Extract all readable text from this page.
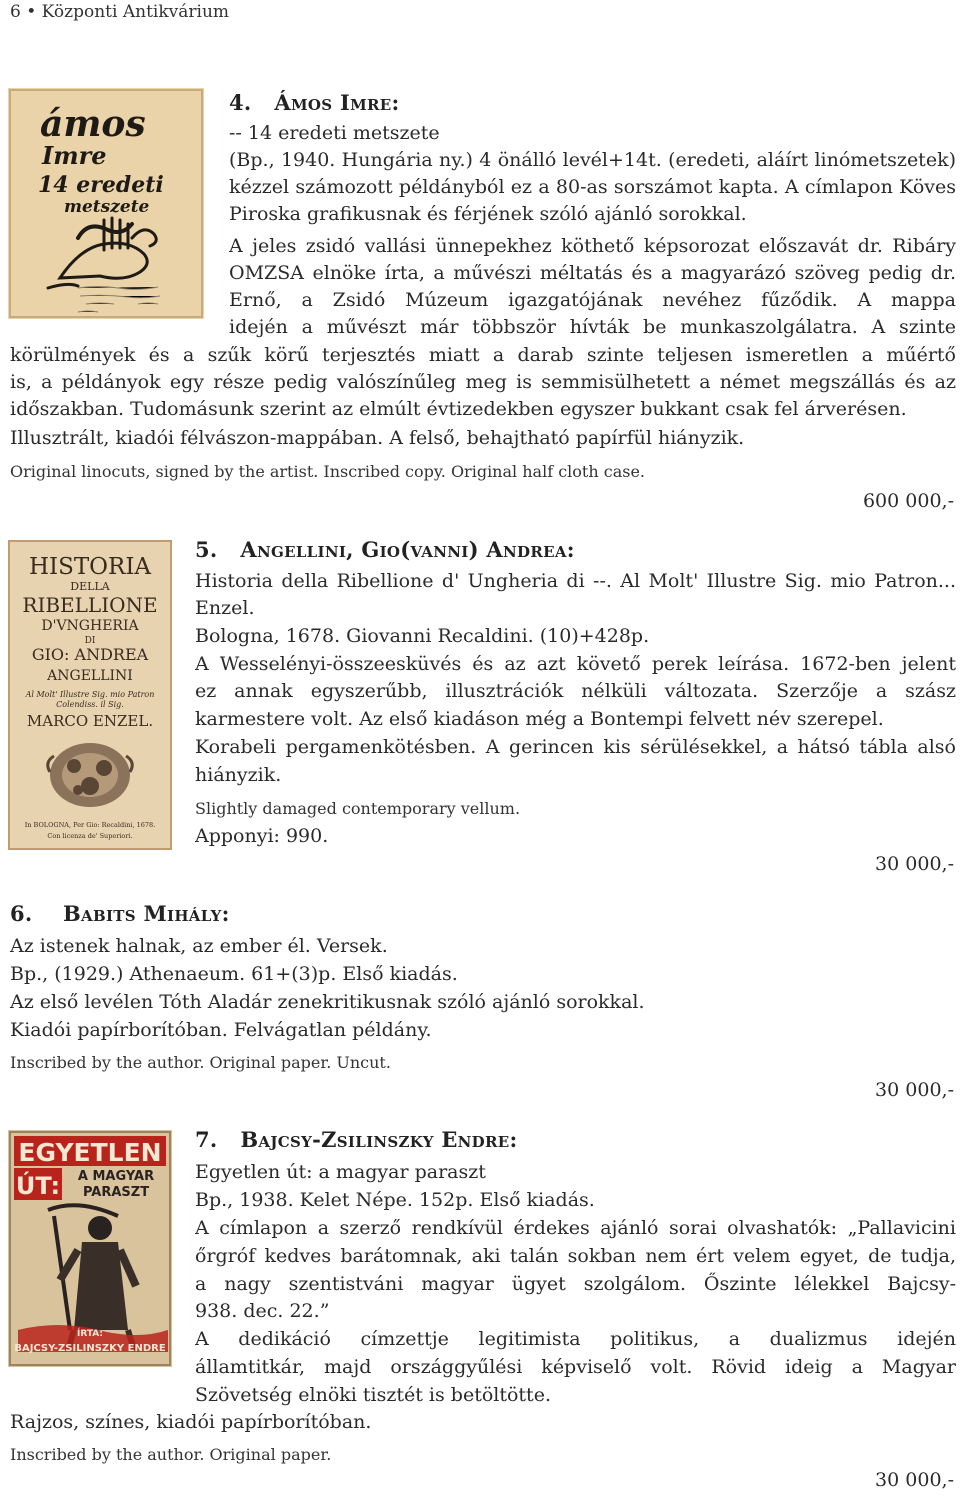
6 • Központi Antikvárium
ámos
Imre
14 eredeti
metszete
4. Ámos Imre:
-- 14 eredeti metszete
(Bp., 1940. Hungária ny.) 4 önálló levél+14t. (eredeti, aláírt linómetszetek)
kézzel számozott példányból ez a 80-as sorszámot kapta. A címlapon Köves
Piroska grafikusnak és férjének szóló ajánló sorokkal.
A jeles zsidó vallási ünnepekhez köthető képsorozat előszavát dr. Ribáry
OMZSA elnöke írta, a művészi méltatás és a magyarázó szöveg pedig dr.
Ernő, a Zsidó Múzeum igazgatójának nevéhez fűződik. A mappa
idején a művészt már többször hívták be munkaszolgálatra. A szinte
körülmények és a szűk körű terjesztés miatt a darab szinte teljesen ismeretlen a műértő
is, a példányok egy része pedig valószínűleg meg is semmisülhetett a német megszállás és az
időszakban. Tudomásunk szerint az elmúlt évtizedekben egyszer bukkant csak fel árverésen.
Illusztrált, kiadói félvászon-mappában. A felső, behajtható papírfül hiányzik.
Original linocuts, signed by the artist. Inscribed copy. Original half cloth case.
600 000,-
HISTORIA
DELLA
RIBELLIONE
D'VNGHERIA
DI
GIO: ANDREA
ANGELLINI
Al Molt' Illustre Sig. mio Patron
Colendiss. il Sig.
MARCO ENZEL.
In BOLOGNA, Per Gio: Recaldini, 1678.
Con licenza de' Superiori.
5. Angellini, Gio(vanni) Andrea:
Historia della Ribellione d' Ungheria di --. Al Molt' Illustre Sig. mio Patron...
Enzel.
Bologna, 1678. Giovanni Recaldini. (10)+428p.
A Wesselényi-összeesküvés és az azt követő perek leírása. 1672-ben jelent
ez annak egyszerűbb, illusztrációk nélküli változata. Szerzője a szász
karmestere volt. Az első kiadáson még a Bontempi felvett név szerepel.
Korabeli pergamenkötésben. A gerincen kis sérülésekkel, a hátsó tábla alsó
hiányzik.
Slightly damaged contemporary vellum.
Apponyi: 990.
30 000,-
6. Babits Mihály:
Az istenek halnak, az ember él. Versek.
Bp., (1929.) Athenaeum. 61+(3)p. Első kiadás.
Az első levélen Tóth Aladár zenekritikusnak szóló ajánló sorokkal.
Kiadói papírborítóban. Felvágatlan példány.
Inscribed by the author. Original paper. Uncut.
30 000,-
EGYETLEN
ÚT: A MAGYAR
PARASZT
ÍRTA:
BAJCSY-ZSILINSZKY ENDRE
7. Bajcsy-Zsilinszky Endre:
Egyetlen út: a magyar paraszt
Bp., 1938. Kelet Népe. 152p. Első kiadás.
A címlapon a szerző rendkívül érdekes ajánló sorai olvashatók: „Pallavicini
őrgróf kedves barátomnak, aki talán sokban nem ért velem egyet, de tudja,
a nagy szentistváni magyar ügyet szolgálom. Őszinte lélekkel Bajcsy-
938. dec. 22.”
A dedikáció címzettje legitimista politikus, a dualizmus idején
államtitkár, majd országgyűlési képviselő volt. Rövid ideig a Magyar
Szövetség elnöki tisztét is betöltötte.
Rajzos, színes, kiadói papírborítóban.
Inscribed by the author. Original paper.
30 000,-
